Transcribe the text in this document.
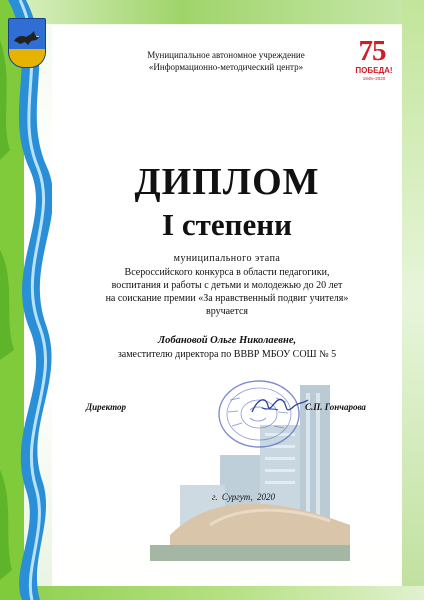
Муниципальное автономное учреждение
«Информационно-методический центр»	75
ПОБЕДА!
1945–2020
ДИПЛОМ
I степени
муниципального этапа
Всероссийского конкурса в области педагогики,
воспитания и работы с детьми и молодежью до 20 лет
на соискание премии «За нравственный подвиг учителя»
вручается
Лобановой Ольге Николаевне,
заместителю директора по ВВВР МБОУ СОШ № 5
Директор	С.П. Гончарова
г. Сургут, 2020
